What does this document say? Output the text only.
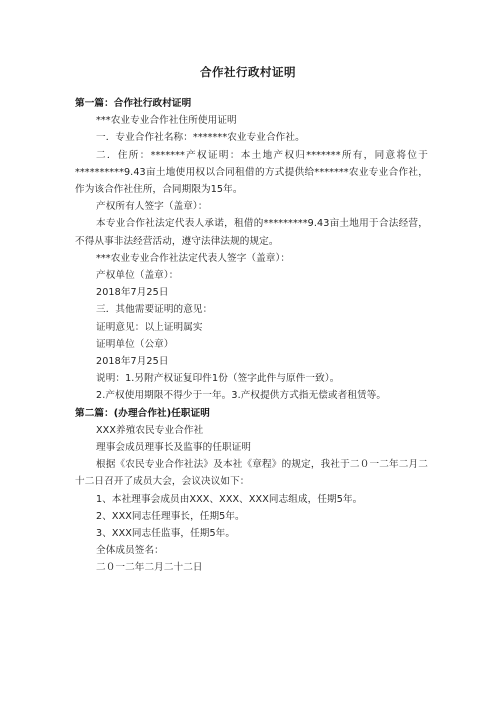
合作社行政村证明

第一篇：合作社行政村证明

***农业专业合作社住所使用证明

一．专业合作社名称：*******农业专业合作社。

二．住所：*******产权证明：本土地产权归*******所有，同意将位于**********9.43亩土地使用权以合同租借的方式提供给*******农业专业合作社，作为该合作社住所，合同期限为15年。

产权所有人签字（盖章）：

本专业合作社法定代表人承诺，租借的*********9.43亩土地用于合法经营，不得从事非法经营活动，遵守法律法规的规定。

***农业专业合作社法定代表人签字（盖章）：

产权单位（盖章）：

2018年7月25日

三．其他需要证明的意见：

证明意见：以上证明属实

证明单位（公章）

2018年7月25日

说明：1.另附产权证复印件1份（签字此件与原件一致）。

2.产权使用期限不得少于一年。3.产权提供方式指无偿或者租赁等。

第二篇：(办理合作社)任职证明

XXX养殖农民专业合作社

理事会成员理事长及监事的任职证明

根据《农民专业合作社法》及本社《章程》的规定，我社于二０一二年二月二十二日召开了成员大会，会议决议如下：

1、本社理事会成员由XXX、XXX、XXX同志组成，任期5年。

2、XXX同志任理事长，任期5年。

3、XXX同志任监事，任期5年。

全体成员签名：

二０一二年二月二十二日
